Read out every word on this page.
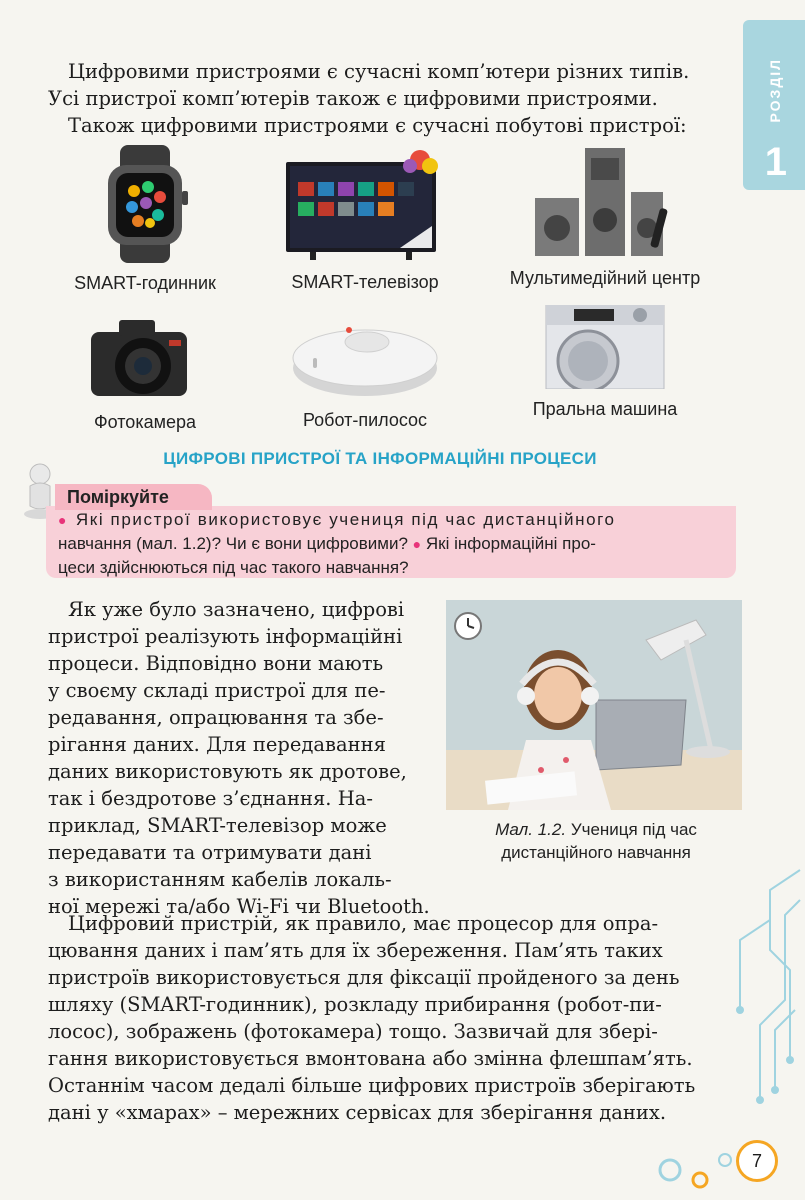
РОЗДІЛ
1

Цифровими пристроями є сучасні комп’ютери різних типів.
Усі пристрої комп’ютерів також є цифровими пристроями.
Також цифровими пристроями є сучасні побутові пристрої:

SMART-годинник	SMART-телевізор	Мультимедійний центр
Фотокамера	Робот-пилосос
Пральна машина
ЦИФРОВІ ПРИСТРОЇ ТА ІНФОРМАЦІЙНІ ПРОЦЕСИ
Поміркуйте
● Які пристрої використовує учениця під час дистанційного
навчання (мал. 1.2)? Чи є вони цифровими? ● Які інформаційні про-
цеси здійснюються під час такого навчання?

Як уже було зазначено, цифрові
пристрої реалізують інформаційні
процеси. Відповідно вони мають
у своєму складі пристрої для пе-
редавання, опрацювання та збе-
рігання даних. Для передавання
даних використовують як дротове,
так і бездротове з’єднання. На-
приклад, SMART-телевізор може
передавати та отримувати дані
з використанням кабелів локаль-
ної мережі та/або Wi-Fi чи Bluetooth.

Мал. 1.2. Учениця під час
дистанційного навчання

Цифровий пристрій, як правило, має процесор для опра-
цювання даних і пам’ять для їх збереження. Пам’ять таких
пристроїв використовується для фіксації пройденого за день
шляху (SMART-годинник), розкладу прибирання (робот-пи-
лосос), зображень (фотокамера) тощо. Зазвичай для збері-
гання використовується вмонтована або змінна флешпам’ять.
Останнім часом дедалі більше цифрових пристроїв зберігають
дані у «хмарах» – мережних сервісах для зберігання даних.

7
